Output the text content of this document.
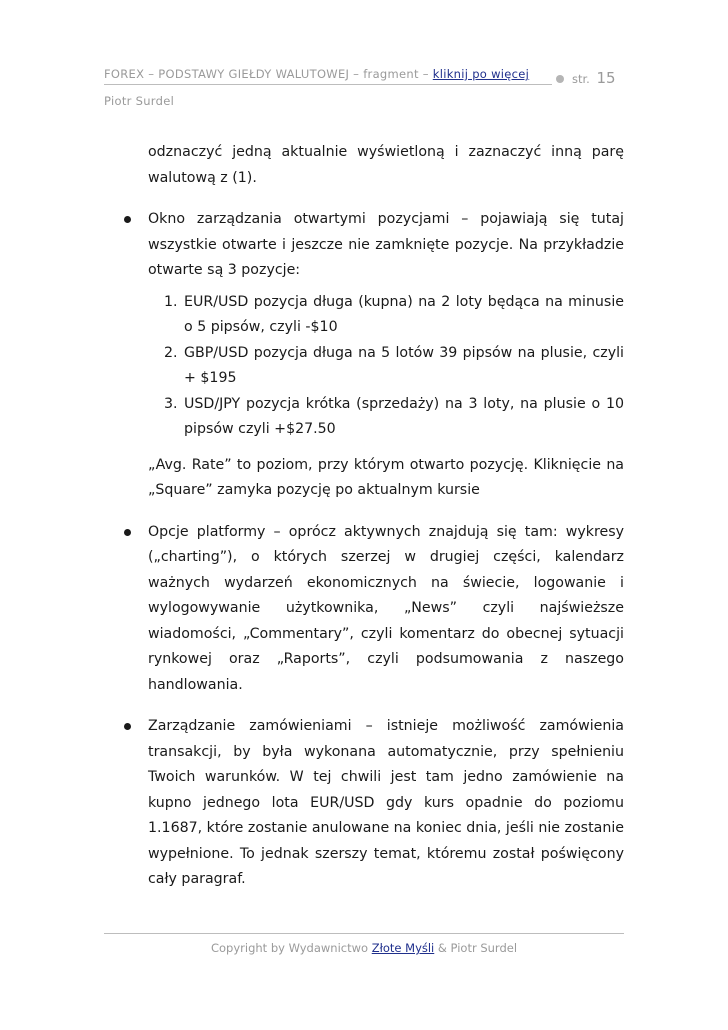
FOREX – PODSTAWY GIEŁDY WALUTOWEJ – fragment – kliknij po więcej
Piotr Surdel
str. 15
odznaczyć jedną aktualnie wyświetloną i zaznaczyć inną parę walutową z (1).
Okno zarządzania otwartymi pozycjami – pojawiają się tutaj wszystkie otwarte i jeszcze nie zamknięte pozycje. Na przykładzie otwarte są 3 pozycje:
1. EUR/USD pozycja długa (kupna) na 2 loty będąca na minusie o 5 pipsów, czyli -$10
2. GBP/USD pozycja długa na 5 lotów 39 pipsów na plusie, czyli + $195
3. USD/JPY pozycja krótka (sprzedaży) na 3 loty, na plusie o 10 pipsów czyli +$27.50
„Avg. Rate” to poziom, przy którym otwarto pozycję. Kliknięcie na „Square” zamyka pozycję po aktualnym kursie
Opcje platformy – oprócz aktywnych znajdują się tam: wykresy („charting”), o których szerzej w drugiej części, kalendarz ważnych wydarzeń ekonomicznych na świecie, logowanie i wylogowywanie użytkownika, „News” czyli najświeższe wiadomości, „Commentary”, czyli komentarz do obecnej sytuacji rynkowej oraz „Raports”, czyli podsumowania z naszego handlowania.
Zarządzanie zamówieniami – istnieje możliwość zamówienia transakcji, by była wykonana automatycznie, przy spełnieniu Twoich warunków. W tej chwili jest tam jedno zamówienie na kupno jednego lota EUR/USD gdy kurs opadnie do poziomu 1.1687, które zostanie anulowane na koniec dnia, jeśli nie zostanie wypełnione. To jednak szerszy temat, któremu został poświęcony cały paragraf.
Copyright by Wydawnictwo Złote Myśli & Piotr Surdel
